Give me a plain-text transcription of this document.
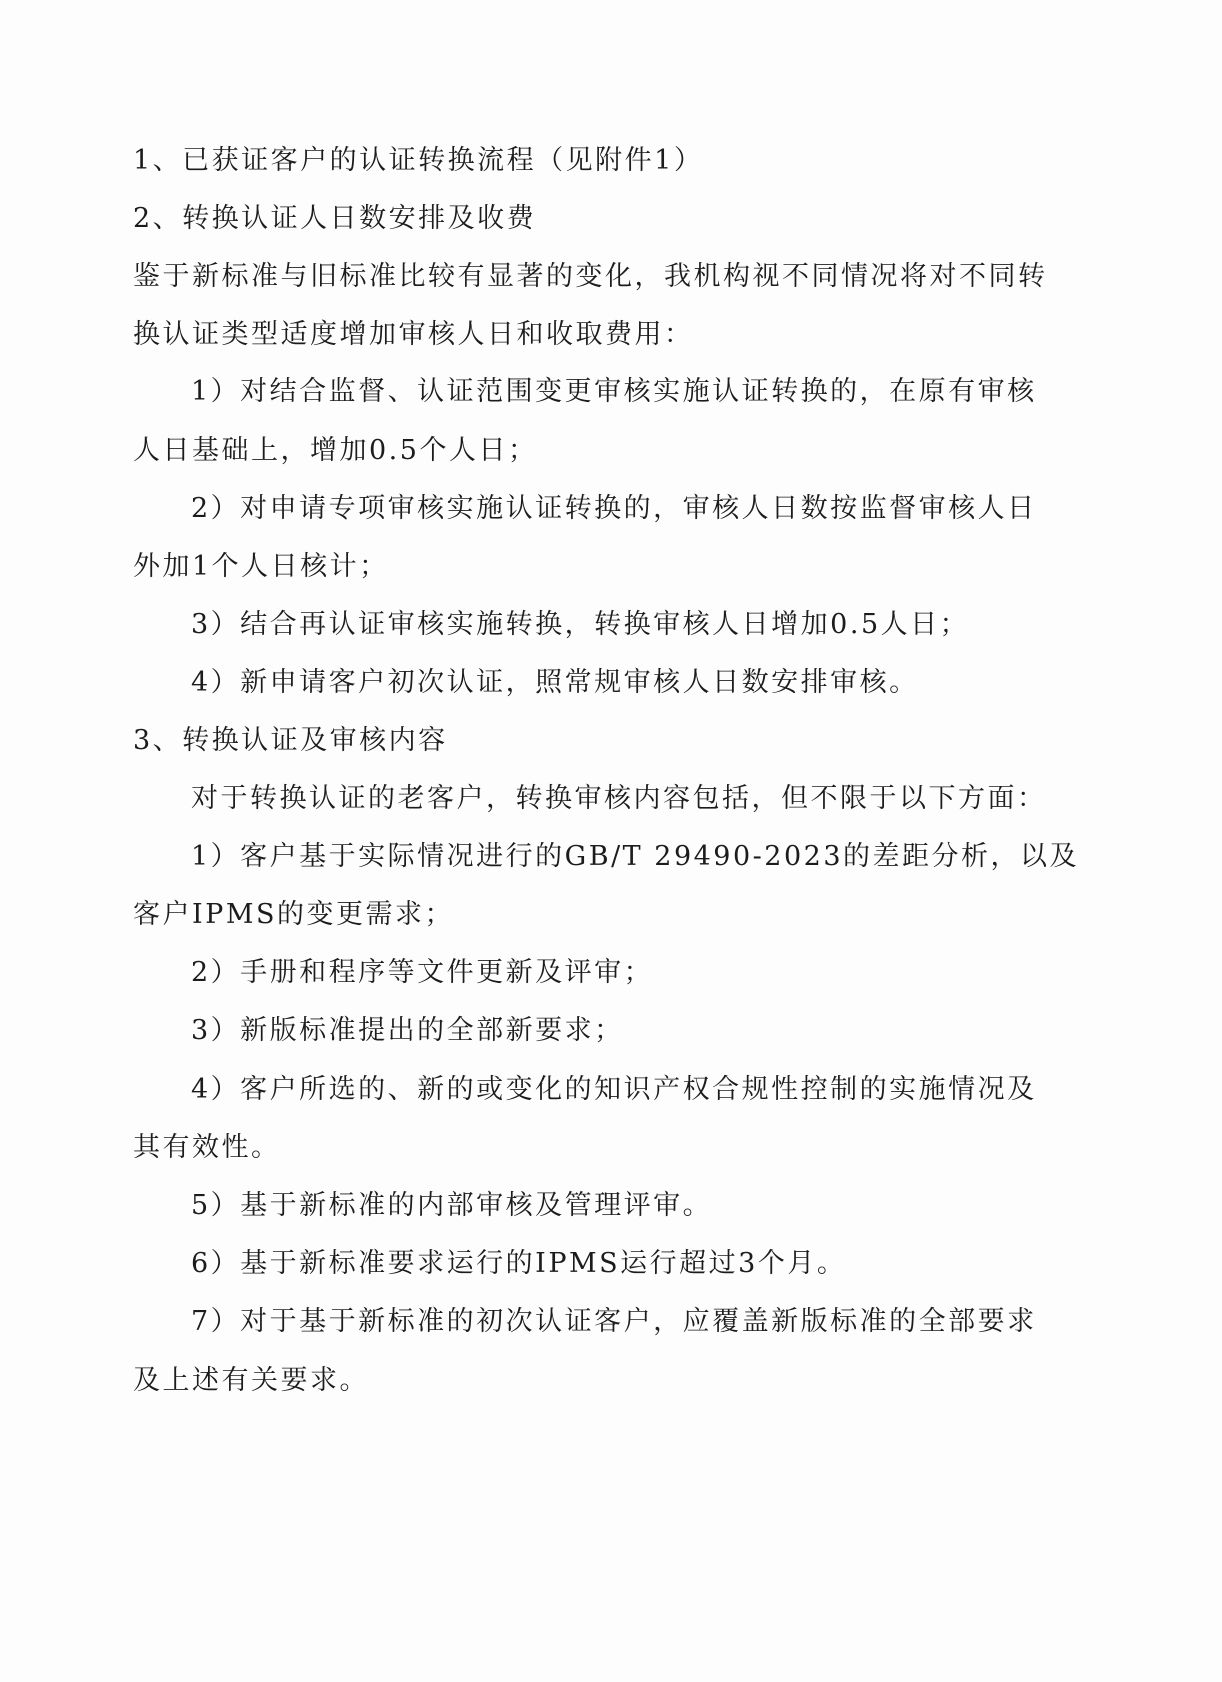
1、已获证客户的认证转换流程（见附件1）
2、转换认证人日数安排及收费
鉴于新标准与旧标准比较有显著的变化，我机构视不同情况将对不同转
换认证类型适度增加审核人日和收取费用：
1）对结合监督、认证范围变更审核实施认证转换的，在原有审核
人日基础上，增加0.5个人日；
2）对申请专项审核实施认证转换的，审核人日数按监督审核人日
外加1个人日核计；
3）结合再认证审核实施转换，转换审核人日增加0.5人日；
4）新申请客户初次认证，照常规审核人日数安排审核。
3、转换认证及审核内容
对于转换认证的老客户，转换审核内容包括，但不限于以下方面：
1）客户基于实际情况进行的GB/T 29490-2023的差距分析，以及
客户IPMS的变更需求；
2）手册和程序等文件更新及评审；
3）新版标准提出的全部新要求；
4）客户所选的、新的或变化的知识产权合规性控制的实施情况及
其有效性。
5）基于新标准的内部审核及管理评审。
6）基于新标准要求运行的IPMS运行超过3个月。
7）对于基于新标准的初次认证客户，应覆盖新版标准的全部要求
及上述有关要求。
